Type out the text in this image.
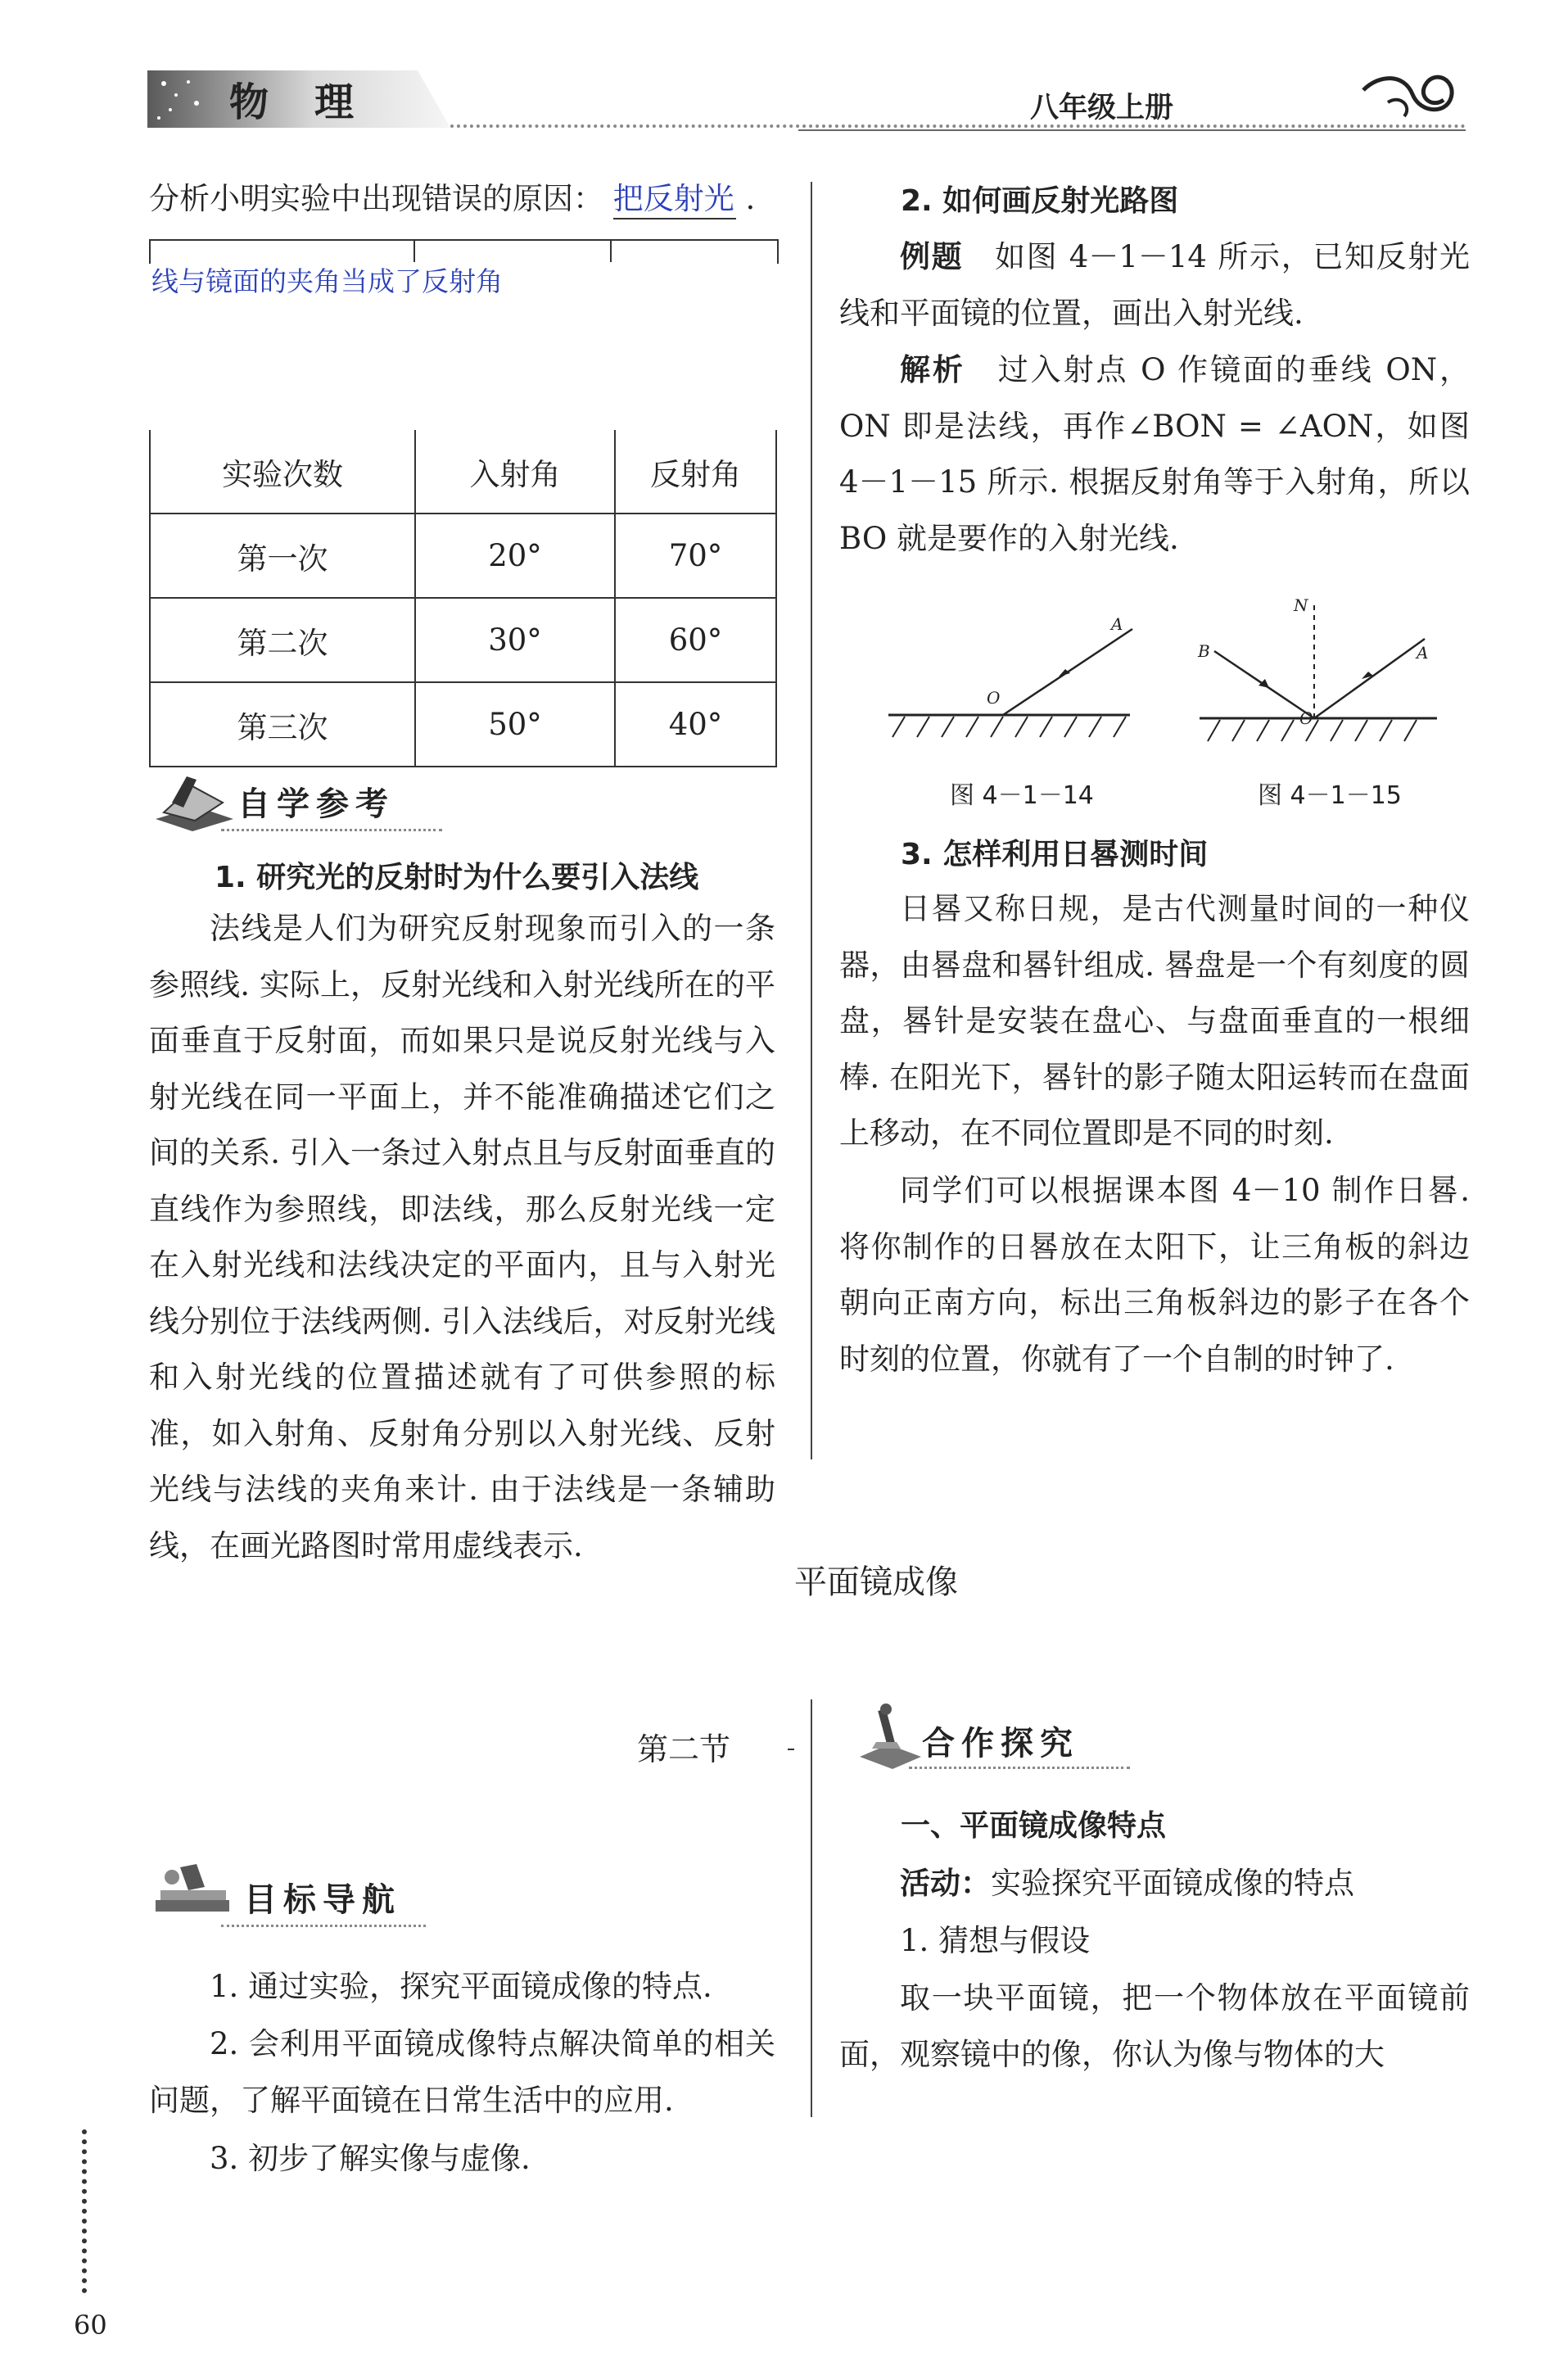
物　理	八年级上册
分析小明实验中出现错误的原因： 把反射光 .
线与镜面的夹角当成了反射角
实验次数	入射角	反射角
第一次	20°	70°
第二次	30°	60°
第三次	50°	40°
自学参考
1. 研究光的反射时为什么要引入法线

法线是人们为研究反射现象而引入的一条参照线. 实际上，反射光线和入射光线所在的平面垂直于反射面，而如果只是说反射光线与入射光线在同一平面上，并不能准确描述它们之间的关系. 引入一条过入射点且与反射面垂直的直线作为参照线，即法线，那么反射光线一定在入射光线和法线决定的平面内，且与入射光线分别位于法线两侧. 引入法线后，对反射光线和入射光线的位置描述就有了可供参照的标准，如入射角、反射角分别以入射光线、反射光线与法线的夹角来计. 由于法线是一条辅助线，在画光路图时常用虚线表示.

2. 如何画反射光路图

例题　 如图 4－1－14 所示，已知反射光线和平面镜的位置，画出入射光线.

解析　 过入射点 O 作镜面的垂线 ON，ON 即是法线，再作∠BON = ∠AON，如图 4－1－15 所示. 根据反射角等于入射角，所以 BO 就是要作的入射光线.

A
O
图 4－1－14
N
B	A
O
图 4－1－15
3. 怎样利用日晷测时间

日晷又称日规，是古代测量时间的一种仪器，由晷盘和晷针组成. 晷盘是一个有刻度的圆盘，晷针是安装在盘心、与盘面垂直的一根细棒. 在阳光下，晷针的影子随太阳运转而在盘面上移动，在不同位置即是不同的时刻.

同学们可以根据课本图 4－10 制作日晷. 将你制作的日晷放在太阳下，让三角板的斜边朝向正南方向，标出三角板斜边的影子在各个时刻的位置，你就有了一个自制的时钟了.

平面镜成像
第二节
目标导航

1. 通过实验，探究平面镜成像的特点.

2. 会利用平面镜成像特点解决简单的相关问题，了解平面镜在日常生活中的应用.

3. 初步了解实像与虚像.

合作探究
一、平面镜成像特点

活动：实验探究平面镜成像的特点

1. 猜想与假设

取一块平面镜，把一个物体放在平面镜前面，观察镜中的像，你认为像与物体的大

60
